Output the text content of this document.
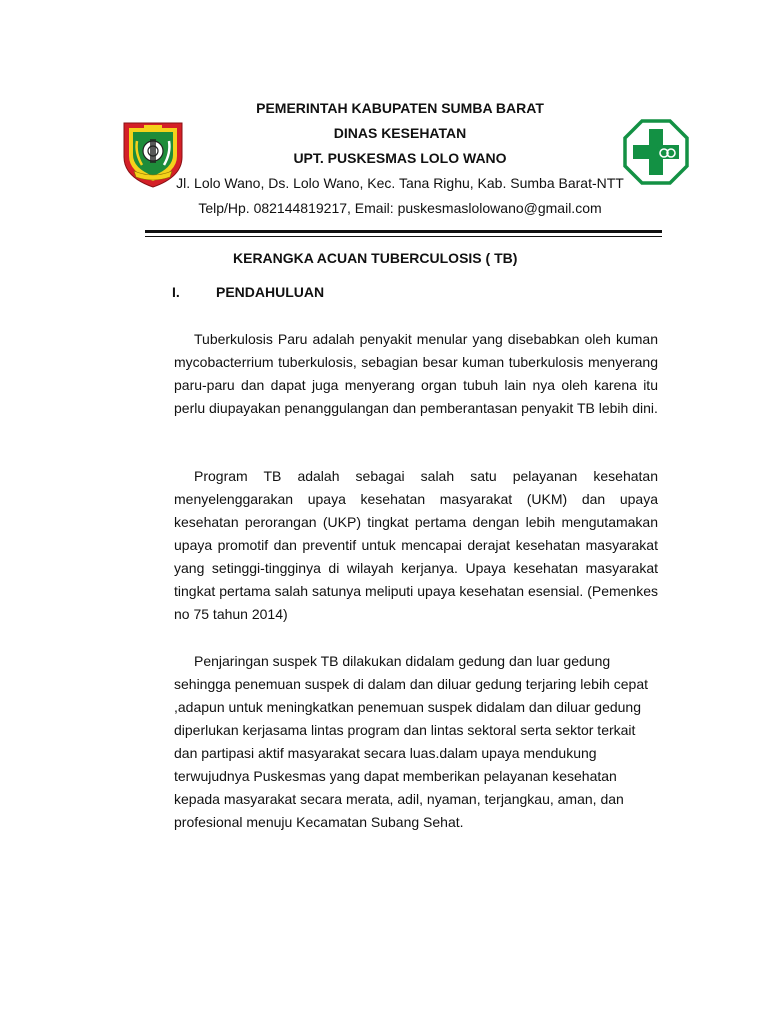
PEMERINTAH KABUPATEN SUMBA BARAT
DINAS KESEHATAN
UPT. PUSKESMAS LOLO WANO
Jl. Lolo Wano, Ds. Lolo Wano, Kec. Tana Righu, Kab. Sumba Barat-NTT
Telp/Hp. 082144819217, Email: puskesmaslolowano@gmail.com
KERANGKA ACUAN TUBERCULOSIS ( TB)
I.	PENDAHULUAN

Tuberkulosis Paru adalah penyakit menular yang disebabkan oleh kuman mycobacterrium tuberkulosis, sebagian besar kuman tuberkulosis menyerang paru-paru dan dapat juga menyerang organ tubuh lain nya oleh karena itu perlu diupayakan penanggulangan dan pemberantasan penyakit TB lebih dini.

Program TB adalah sebagai salah satu pelayanan kesehatan menyelenggarakan upaya kesehatan masyarakat (UKM) dan upaya kesehatan perorangan (UKP) tingkat pertama dengan lebih mengutamakan upaya promotif dan preventif untuk mencapai derajat kesehatan masyarakat yang setinggi-tingginya di wilayah kerjanya. Upaya kesehatan masyarakat tingkat pertama salah satunya meliputi upaya kesehatan esensial. (Pemenkes no 75 tahun 2014)

Penjaringan suspek TB dilakukan didalam gedung dan luar gedung sehingga penemuan suspek di dalam dan diluar gedung terjaring lebih cepat ,adapun untuk meningkatkan penemuan suspek didalam dan diluar gedung diperlukan kerjasama lintas program dan lintas sektoral serta sektor terkait dan partipasi aktif masyarakat secara luas.dalam upaya mendukung terwujudnya Puskesmas yang dapat memberikan pelayanan kesehatan kepada masyarakat secara merata, adil, nyaman, terjangkau, aman, dan profesional menuju Kecamatan Subang Sehat.
